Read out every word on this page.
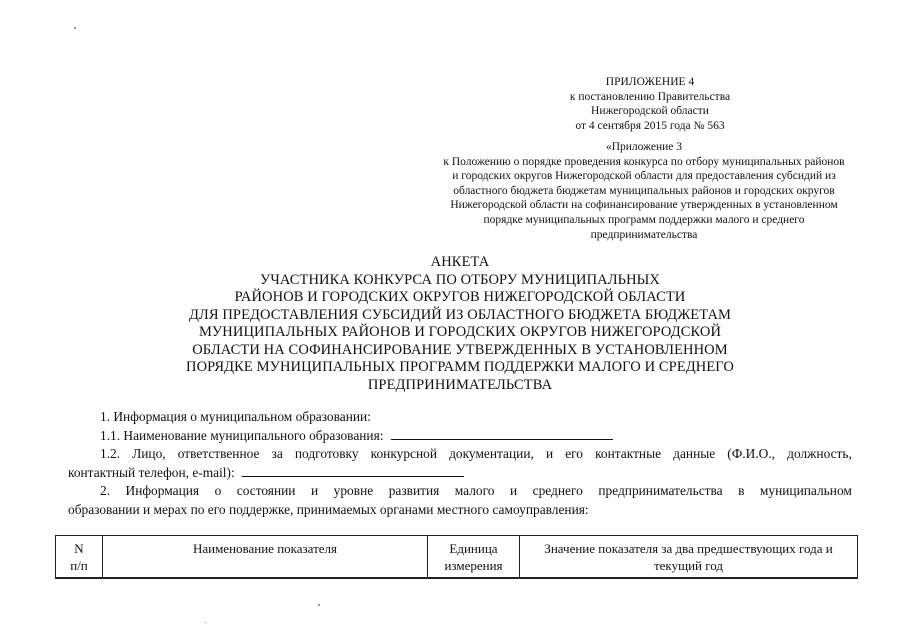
ПРИЛОЖЕНИЕ 4
к постановлению Правительства
Нижегородской области
от 4 сентября 2015 года № 563
«Приложение 3
к Положению о порядке проведения конкурса по отбору муниципальных районов
и городских округов Нижегородской области для предоставления субсидий из
областного бюджета бюджетам муниципальных районов и городских округов
Нижегородской области на софинансирование утвержденных в установленном
порядке муниципальных программ поддержки малого и среднего
предпринимательства
АНКЕТА
УЧАСТНИКА КОНКУРСА ПО ОТБОРУ МУНИЦИПАЛЬНЫХ
РАЙОНОВ И ГОРОДСКИХ ОКРУГОВ НИЖЕГОРОДСКОЙ ОБЛАСТИ
ДЛЯ ПРЕДОСТАВЛЕНИЯ СУБСИДИЙ ИЗ ОБЛАСТНОГО БЮДЖЕТА БЮДЖЕТАМ
МУНИЦИПАЛЬНЫХ РАЙОНОВ И ГОРОДСКИХ ОКРУГОВ НИЖЕГОРОДСКОЙ
ОБЛАСТИ НА СОФИНАНСИРОВАНИЕ УТВЕРЖДЕННЫХ В УСТАНОВЛЕННОМ
ПОРЯДКЕ МУНИЦИПАЛЬНЫХ ПРОГРАММ ПОДДЕРЖКИ МАЛОГО И СРЕДНЕГО
ПРЕДПРИНИМАТЕЛЬСТВА
1. Информация о муниципальном образовании:
1.1. Наименование муниципального образования:
1.2. Лицо, ответственное за подготовку конкурсной документации, и его контактные данные (Ф.И.О., должность,
контактный телефон, e-mail):
2. Информация о состоянии и уровне развития малого и среднего предпринимательства в муниципальном
образовании и мерах по его поддержке, принимаемых органами местного самоуправления:
N
п/п
Наименование показателя	Единица
измерения
Значение показателя за два предшествующих года и
текущий год
